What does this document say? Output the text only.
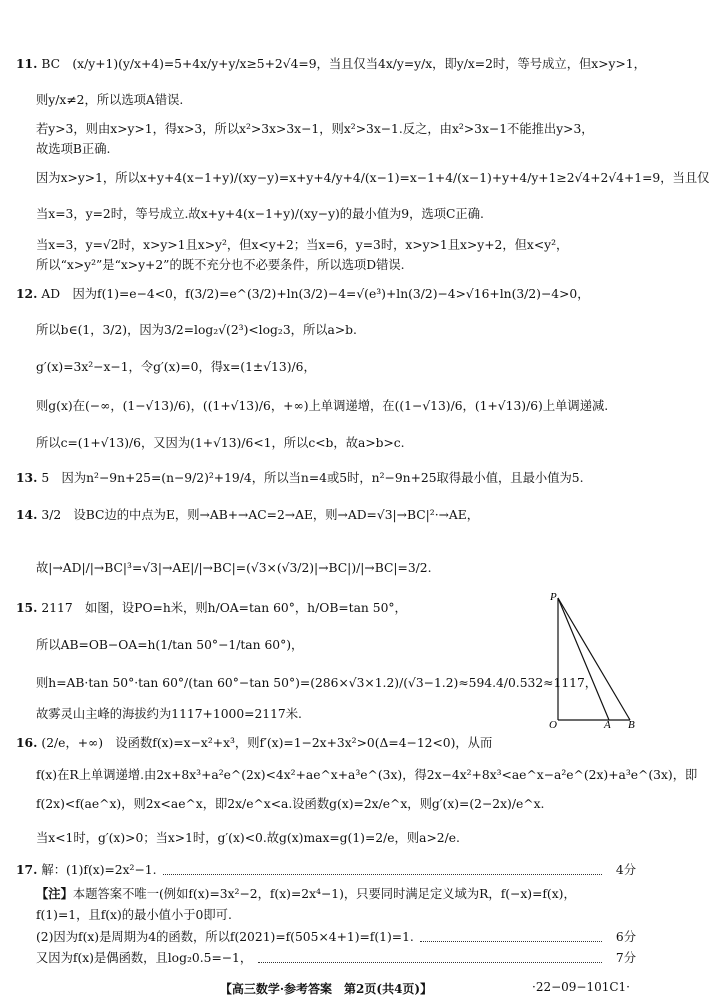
11. BC　(x/y+1)(y/x+4)=5+4x/y+y/x≥5+2√4=9，当且仅当4x/y=y/x，即y/x=2时，等号成立，但x>y>1，
则y/x≠2，所以选项A错误.
若y>3，则由x>y>1，得x>3，所以x²>3x>3x−1，则x²>3x−1.反之，由x²>3x−1不能推出y>3，
故选项B正确.
因为x>y>1，所以x+y+4(x−1+y)/(xy−y)=x+y+4/y+4/(x−1)=x−1+4/(x−1)+y+4/y+1≥2√4+2√4+1=9，当且仅
当x=3，y=2时，等号成立.故x+y+4(x−1+y)/(xy−y)的最小值为9，选项C正确.
当x=3，y=√2时，x>y>1且x>y²，但x<y+2；当x=6，y=3时，x>y>1且x>y+2，但x<y²，
所以“x>y²”是“x>y+2”的既不充分也不必要条件，所以选项D错误.
12. AD　因为f(1)=e−4<0，f(3/2)=e^(3/2)+ln(3/2)−4=√(e³)+ln(3/2)−4>√16+ln(3/2)−4>0，
所以b∈(1，3/2)，因为3/2=log₂√(2³)<log₂3，所以a>b.
g′(x)=3x²−x−1，令g′(x)=0，得x=(1±√13)/6，
则g(x)在(−∞，(1−√13)/6)，((1+√13)/6，+∞)上单调递增，在((1−√13)/6，(1+√13)/6)上单调递减.
所以c=(1+√13)/6，又因为(1+√13)/6<1，所以c<b，故a>b>c.
13. 5　因为n²−9n+25=(n−9/2)²+19/4，所以当n=4或5时，n²−9n+25取得最小值，且最小值为5.
14. 3/2　设BC边的中点为E，则→AB+→AC=2→AE，则→AD=√3|→BC|²·→AE，
故|→AD|/|→BC|³=√3|→AE|/|→BC|=(√3×(√3/2)|→BC|)/|→BC|=3/2.
15. 2117　如图，设PO=h米，则h/OA=tan 60°，h/OB=tan 50°，
所以AB=OB−OA=h(1/tan 50°−1/tan 60°)，
则h=AB·tan 50°·tan 60°/(tan 60°−tan 50°)=(286×√3×1.2)/(√3−1.2)≈594.4/0.532≈1117，
故雾灵山主峰的海拔约为1117+1000=2117米.
P
O	A B
16. (2/e，+∞)　设函数f(x)=x−x²+x³，则f′(x)=1−2x+3x²>0(Δ=4−12<0)，从而
f(x)在R上单调递增.由2x+8x³+a²e^(2x)<4x²+ae^x+a³e^(3x)，得2x−4x²+8x³<ae^x−a²e^(2x)+a³e^(3x)，即
f(2x)<f(ae^x)，则2x<ae^x，即2x/e^x<a.设函数g(x)=2x/e^x，则g′(x)=(2−2x)/e^x.
当x<1时，g′(x)>0；当x>1时，g′(x)<0.故g(x)max=g(1)=2/e，则a>2/e.
17. 解：(1)f(x)=2x²−1.	4分
【注】本题答案不唯一(例如f(x)=3x²−2，f(x)=2x⁴−1)，只要同时满足定义域为R，f(−x)=f(x)，
f(1)=1，且f(x)的最小值小于0即可.
(2)因为f(x)是周期为4的函数，所以f(2021)=f(505×4+1)=f(1)=1.	6分
又因为f(x)是偶函数，且log₂0.5=−1，	7分
【高三数学·参考答案　第2页(共4页)】	·22−09−101C1·
